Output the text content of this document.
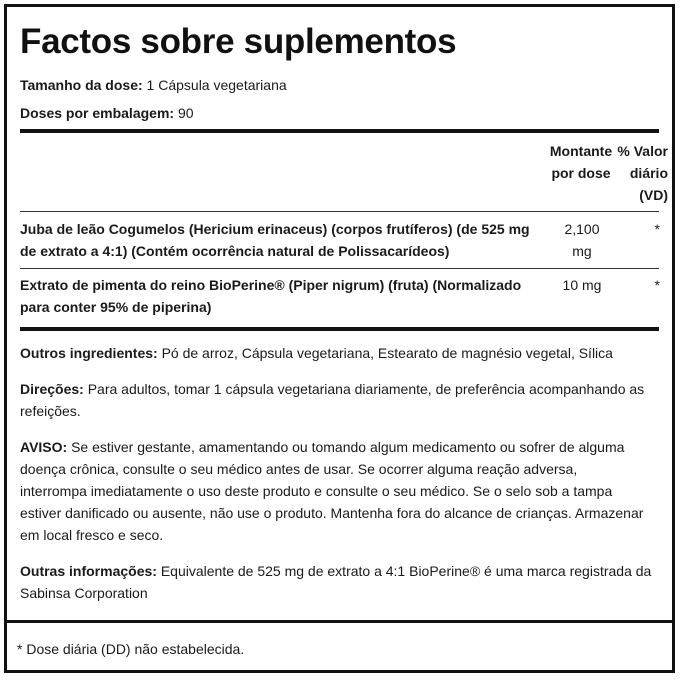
Factos sobre suplementos
Tamanho da dose: 1 Cápsula vegetariana
Doses por embalagem: 90
Montante
por dose
% Valor
diário
(VD)
Juba de leão Cogumelos (Hericium erinaceus) (corpos frutíferos) (de 525 mg
de extrato a 4:1) (Contém ocorrência natural de Polissacarídeos)
2,100
mg
*
Extrato de pimenta do reino BioPerine® (Piper nigrum) (fruta) (Normalizado
para conter 95% de piperina)
10 mg	*
Outros ingredientes: Pó de arroz, Cápsula vegetariana, Estearato de magnésio vegetal, Sílica
Direções: Para adultos, tomar 1 cápsula vegetariana diariamente, de preferência acompanhando as
refeições.
AVISO: Se estiver gestante, amamentando ou tomando algum medicamento ou sofrer de alguma
doença crônica, consulte o seu médico antes de usar. Se ocorrer alguma reação adversa,
interrompa imediatamente o uso deste produto e consulte o seu médico. Se o selo sob a tampa
estiver danificado ou ausente, não use o produto. Mantenha fora do alcance de crianças. Armazenar
em local fresco e seco.
Outras informações: Equivalente de 525 mg de extrato a 4:1 BioPerine® é uma marca registrada da
Sabinsa Corporation
* Dose diária (DD) não estabelecida.
